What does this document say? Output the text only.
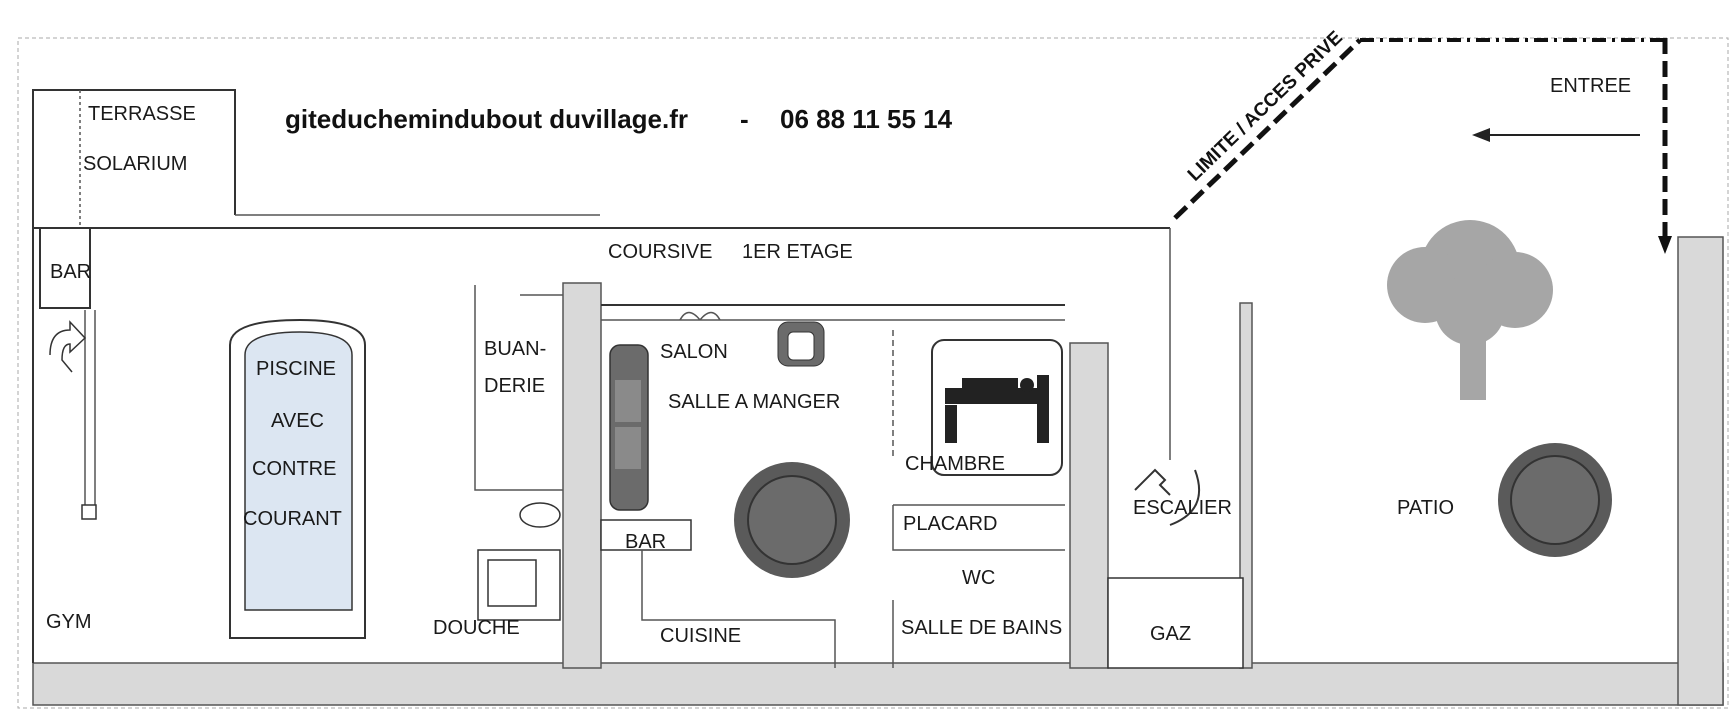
giteduchemindubout duvillage.fr - 06 88 11 55 14
TERRASSE
SOLARIUM
BAR
COURSIVE 1ER ETAGE
BUAN-
DERIE
SALON
SALLE A MANGER
CHAMBRE
PISCINE
AVEC
CONTRE
COURANT
BAR
PLACARD
WC
SALLE DE BAINS
CUISINE
DOUCHE
GYM
ESCALIER
GAZ
PATIO
ENTREE
LIMITE / ACCES PRIVE
